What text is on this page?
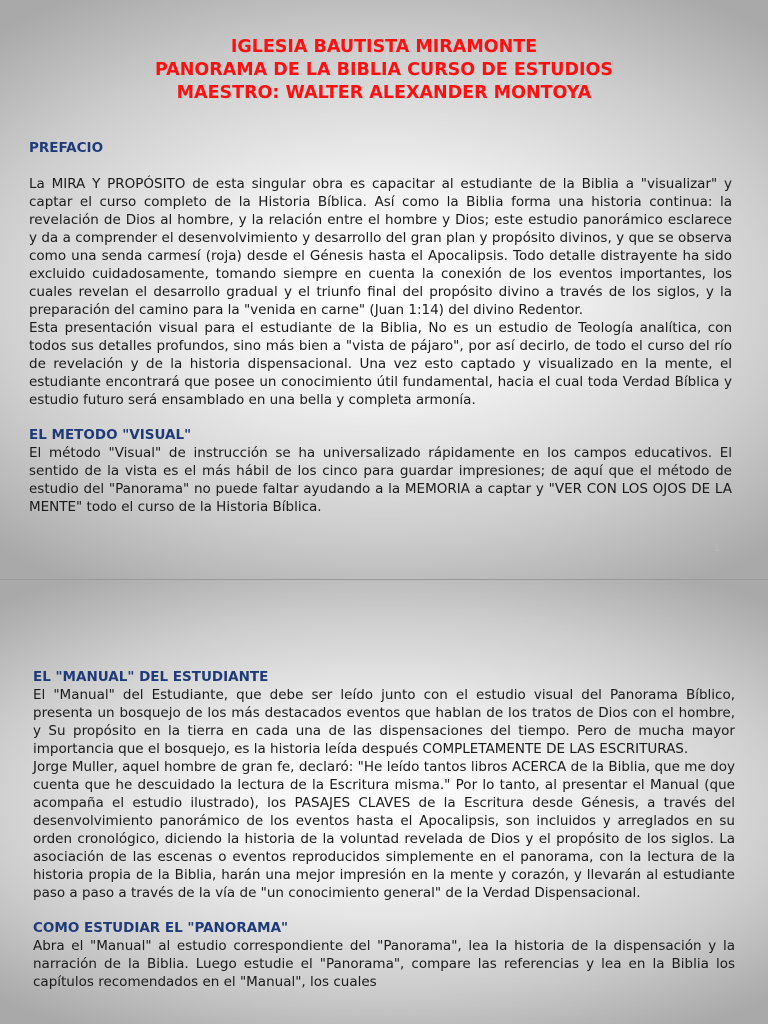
IGLESIA BAUTISTA MIRAMONTE
PANORAMA DE LA BIBLIA CURSO DE ESTUDIOS
MAESTRO: WALTER ALEXANDER MONTOYA
PREFACIO
La MIRA Y PROPÓSITO de esta singular obra es capacitar al estudiante de la Biblia a "visualizar" y captar el curso completo de la Historia Bíblica. Así como la Biblia forma una historia continua: la revelación de Dios al hombre, y la relación entre el hombre y Dios; este estudio panorámico esclarece y da a comprender el desenvolvimiento y desarrollo del gran plan y propósito divinos, y que se observa como una senda carmesí (roja) desde el Génesis hasta el Apocalipsis. Todo detalle distrayente ha sido excluido cuidadosamente, tomando siempre en cuenta la conexión de los eventos importantes, los cuales revelan el desarrollo gradual y el triunfo final del propósito divino a través de los siglos, y la preparación del camino para la "venida en carne" (Juan 1:14) del divino Redentor.
Esta presentación visual para el estudiante de la Biblia, No es un estudio de Teología analítica, con todos sus detalles profundos, sino más bien a "vista de pájaro", por así decirlo, de todo el curso del río de revelación y de la historia dispensacional. Una vez esto captado y visualizado en la mente, el estudiante encontrará que posee un conocimiento útil fundamental, hacia el cual toda Verdad Bíblica y estudio futuro será ensamblado en una bella y completa armonía.
EL METODO "VISUAL"
El método "Visual" de instrucción se ha universalizado rápidamente en los campos educativos. El sentido de la vista es el más hábil de los cinco para guardar impresiones; de aquí que el método de estudio del "Panorama" no puede faltar ayudando a la MEMORIA a captar y "VER CON LOS OJOS DE LA MENTE" todo el curso de la Historia Bíblica.
1
EL "MANUAL" DEL ESTUDIANTE
El "Manual" del Estudiante, que debe ser leído junto con el estudio visual del Panorama Bíblico, presenta un bosquejo de los más destacados eventos que hablan de los tratos de Dios con el hombre, y Su propósito en la tierra en cada una de las dispensaciones del tiempo. Pero de mucha mayor importancia que el bosquejo, es la historia leída después COMPLETAMENTE DE LAS ESCRITURAS.
Jorge Muller, aquel hombre de gran fe, declaró: "He leído tantos libros ACERCA de la Biblia, que me doy cuenta que he descuidado la lectura de la Escritura misma." Por lo tanto, al presentar el Manual (que acompaña el estudio ilustrado), los PASAJES CLAVES de la Escritura desde Génesis, a través del desenvolvimiento panorámico de los eventos hasta el Apocalipsis, son incluidos y arreglados en su orden cronológico, diciendo la historia de la voluntad revelada de Dios y el propósito de los siglos. La asociación de las escenas o eventos reproducidos simplemente en el panorama, con la lectura de la historia propia de la Biblia, harán una mejor impresión en la mente y corazón, y llevarán al estudiante paso a paso a través de la vía de "un conocimiento general" de la Verdad Dispensacional.
COMO ESTUDIAR EL "PANORAMA"
Abra el "Manual" al estudio correspondiente del "Panorama", lea la historia de la dispensación y la narración de la Biblia. Luego estudie el "Panorama", compare las referencias y lea en la Biblia los capítulos recomendados en el "Manual", los cuales
